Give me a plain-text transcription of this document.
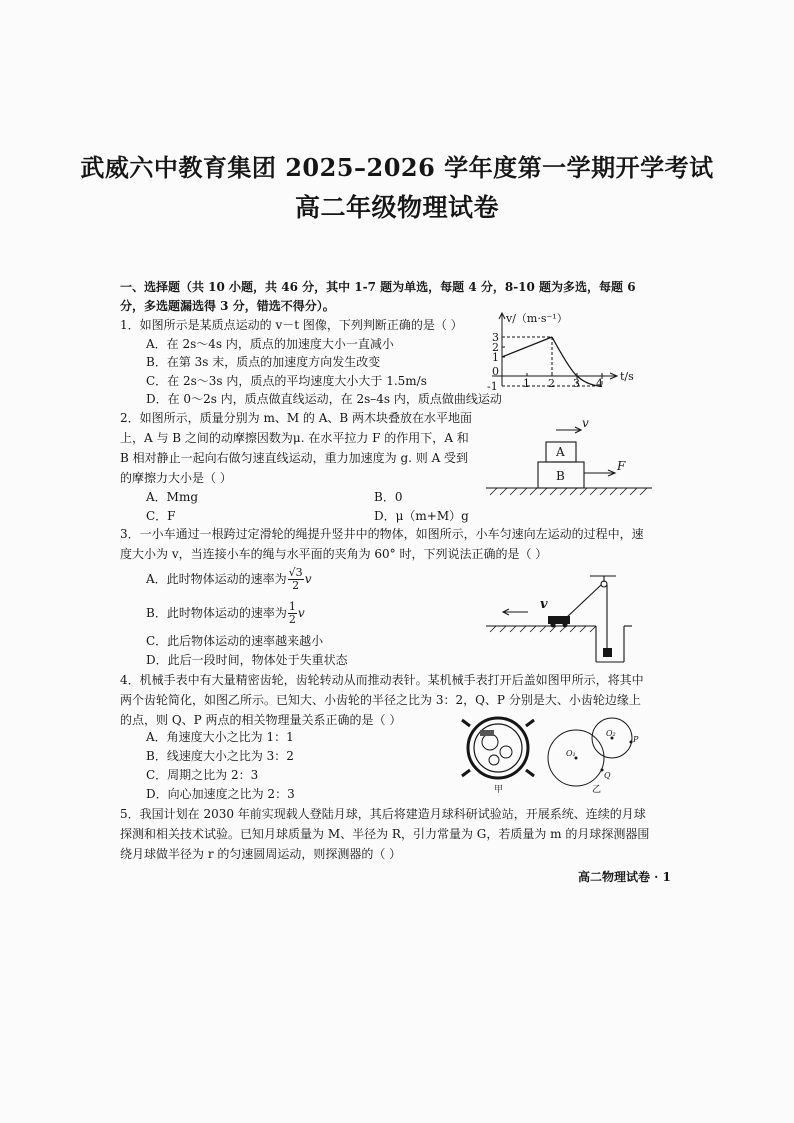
武威六中教育集团 2025–2026 学年度第一学期开学考试
高二年级物理试卷
一、选择题（共 10 小题，共 46 分，其中 1-7 题为单选，每题 4 分，8-10 题为多选，每题 6 分，多选题漏选得 3 分，错选不得分）。
1．如图所示是某质点运动的 v－t 图像，下列判断正确的是（ ）
A．在 2s～4s 内，质点的加速度大小一直减小
B．在第 3s 末，质点的加速度方向发生改变
C．在 2s～3s 内，质点的平均速度大小大于 1.5m/s
D．在 0～2s 内，质点做直线运动，在 2s–4s 内，质点做曲线运动
v/（m·s⁻¹）
t/s
3
2
1
0
-1 1 2 3 4
2．如图所示，质量分别为 m、M 的 A、B 两木块叠放在水平地面上，A 与 B 之间的动摩擦因数为μ. 在水平拉力 F 的作用下，A 和 B 相对静止一起向右做匀速直线运动，重力加速度为 g. 则 A 受到的摩擦力大小是（ ）
A．Mmg	B．0
C．F	D．μ（m+M）g
A
B
F
v
3．一小车通过一根跨过定滑轮的绳提升竖井中的物体，如图所示，小车匀速向左运动的过程中，速度大小为 v，当连接小车的绳与水平面的夹角为 60° 时，下列说法正确的是（ ）
A．此时物体运动的速率为 $\frac{√3}{2}$ v
B．此时物体运动的速率为 $\frac{1}{2}$ v
C．此后物体运动的速率越来越小
D．此后一段时间，物体处于失重状态
v
4．机械手表中有大量精密齿轮，齿轮转动从而推动表针。某机械手表打开后盖如图甲所示，将其中两个齿轮简化，如图乙所示。已知大、小齿轮的半径之比为 3：2，Q、P 分别是大、小齿轮边缘上的点，则 Q、P 两点的相关物理量关系正确的是（ ）
A．角速度大小之比为 1：1
B．线速度大小之比为 3：2
C．周期之比为 2：3
D．向心加速度之比为 2：3	甲
O₁
O₂
P
Q
乙
5．我国计划在 2030 年前实现载人登陆月球，其后将建造月球科研试验站，开展系统、连续的月球探测和相关技术试验。已知月球质量为 M、半径为 R，引力常量为 G，若质量为 m 的月球探测器围绕月球做半径为 r 的匀速圆周运动，则探测器的（ ）
高二物理试卷 · 1
